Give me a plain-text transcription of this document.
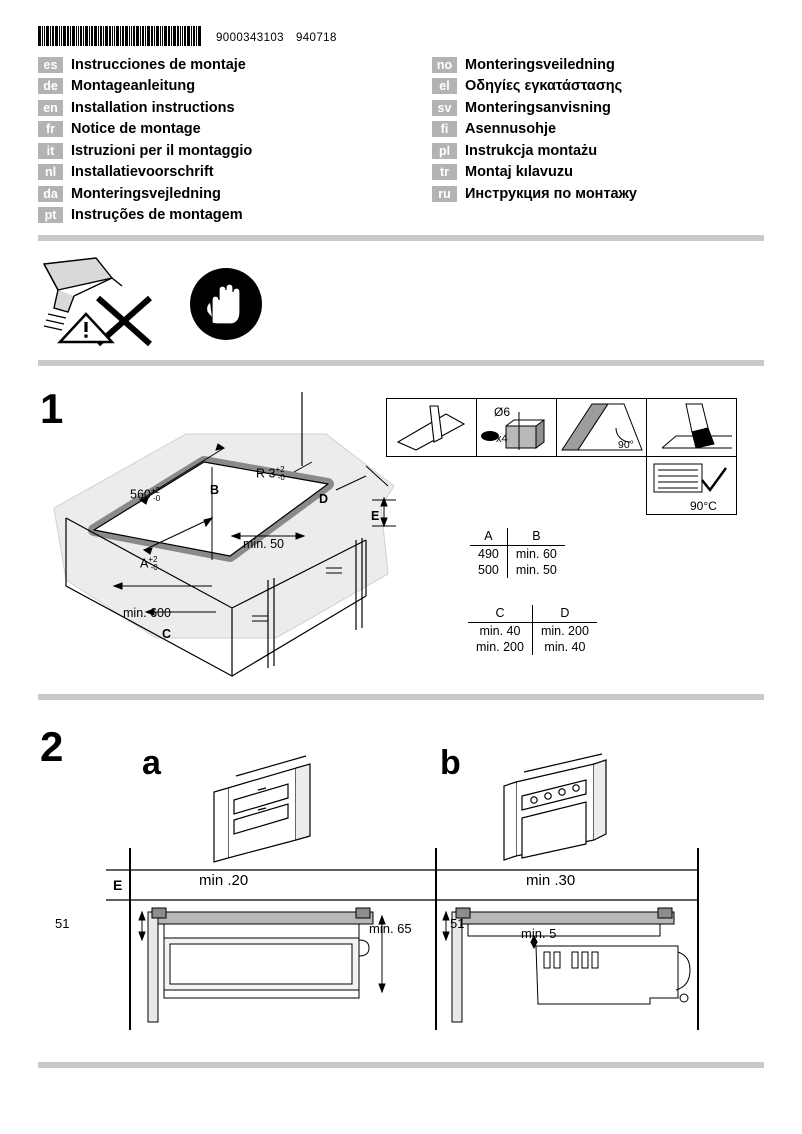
9000343103 940718
es Instrucciones de montaje
de Montageanleitung
en Installation instructions
fr	Notice de montage
it	Istruzioni per il montaggio
nl	Installatievoorschrift
da Monteringsvejledning
pt	Instruções de montagem
no Monteringsveiledning
el	Οδηγίες εγκατάστασης
sv Monteringsanvisning
fi	Asennusohje
pl	Instrukcja montażu
tr	Montaj kılavuzu
ru Инструкция по монтажу
1
560+2
-0
R 3+2
-0
B
D
E
min. 50
A+2
-0
min. 600
C
Ø6
x4	90°
90°C
A	B
490	min. 60
500	min. 50
C	D
min. 40	min. 200
min. 200	min. 40
2 a	b
E	min .20	min .30
51	min. 65	51
min. 5
